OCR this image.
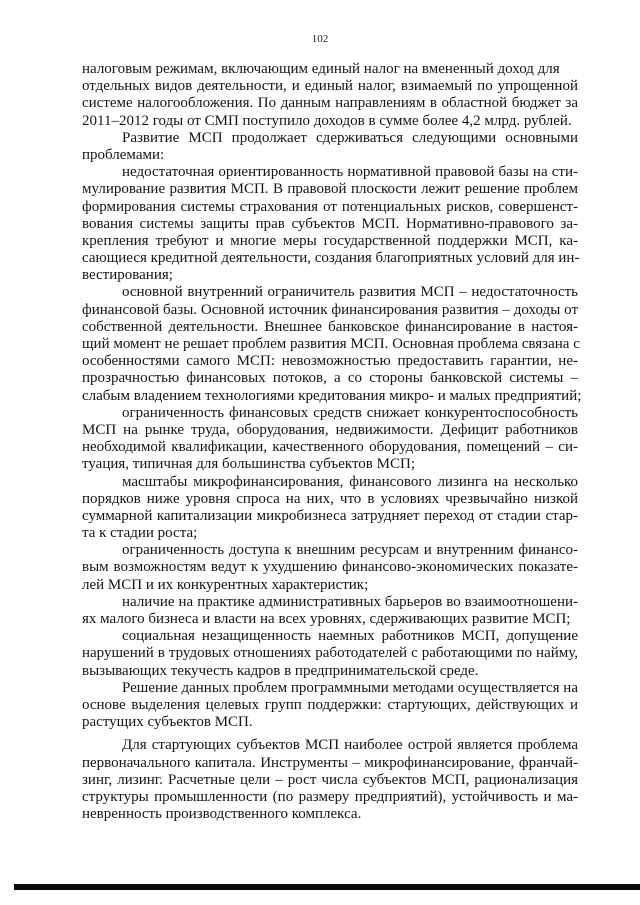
102
налоговым режимам, включающим единый налог на вмененный доход для
отдельных видов деятельности, и единый налог, взимаемый по упрощенной
системе налогообложения. По данным направлениям в областной бюджет за
2011–2012 годы от СМП поступило доходов в сумме более 4,2 млрд. рублей.
Развитие МСП продолжает сдерживаться следующими основными
проблемами:
недостаточная ориентированность нормативной правовой базы на сти-
мулирование развития МСП. В правовой плоскости лежит решение проблем
формирования системы страхования от потенциальных рисков, совершенст-
вования системы защиты прав субъектов МСП. Нормативно-правового за-
крепления требуют и многие меры государственной поддержки МСП, ка-
сающиеся кредитной деятельности, создания благоприятных условий для ин-
вестирования;
основной внутренний ограничитель развития МСП – недостаточность
финансовой базы. Основной источник финансирования развития – доходы от
собственной деятельности. Внешнее банковское финансирование в настоя-
щий момент не решает проблем развития МСП. Основная проблема связана с
особенностями самого МСП: невозможностью предоставить гарантии, не-
прозрачностью финансовых потоков, а со стороны банковской системы –
слабым владением технологиями кредитования микро- и малых предприятий;
ограниченность финансовых средств снижает конкурентоспособность
МСП на рынке труда, оборудования, недвижимости. Дефицит работников
необходимой квалификации, качественного оборудования, помещений – си-
туация, типичная для большинства субъектов МСП;
масштабы микрофинансирования, финансового лизинга на несколько
порядков ниже уровня спроса на них, что в условиях чрезвычайно низкой
суммарной капитализации микробизнеса затрудняет переход от стадии стар-
та к стадии роста;
ограниченность доступа к внешним ресурсам и внутренним финансо-
вым возможностям ведут к ухудшению финансово-экономических показате-
лей МСП и их конкурентных характеристик;
наличие на практике административных барьеров во взаимоотношени-
ях малого бизнеса и власти на всех уровнях, сдерживающих развитие МСП;
социальная незащищенность наемных работников МСП, допущение
нарушений в трудовых отношениях работодателей с работающими по найму,
вызывающих текучесть кадров в предпринимательской среде.
Решение данных проблем программными методами осуществляется на
основе выделения целевых групп поддержки: стартующих, действующих и
растущих субъектов МСП.
Для стартующих субъектов МСП наиболее острой является проблема
первоначального капитала. Инструменты – микрофинансирование, франчай-
зинг, лизинг. Расчетные цели – рост числа субъектов МСП, рационализация
структуры промышленности (по размеру предприятий), устойчивость и ма-
невренность производственного комплекса.
